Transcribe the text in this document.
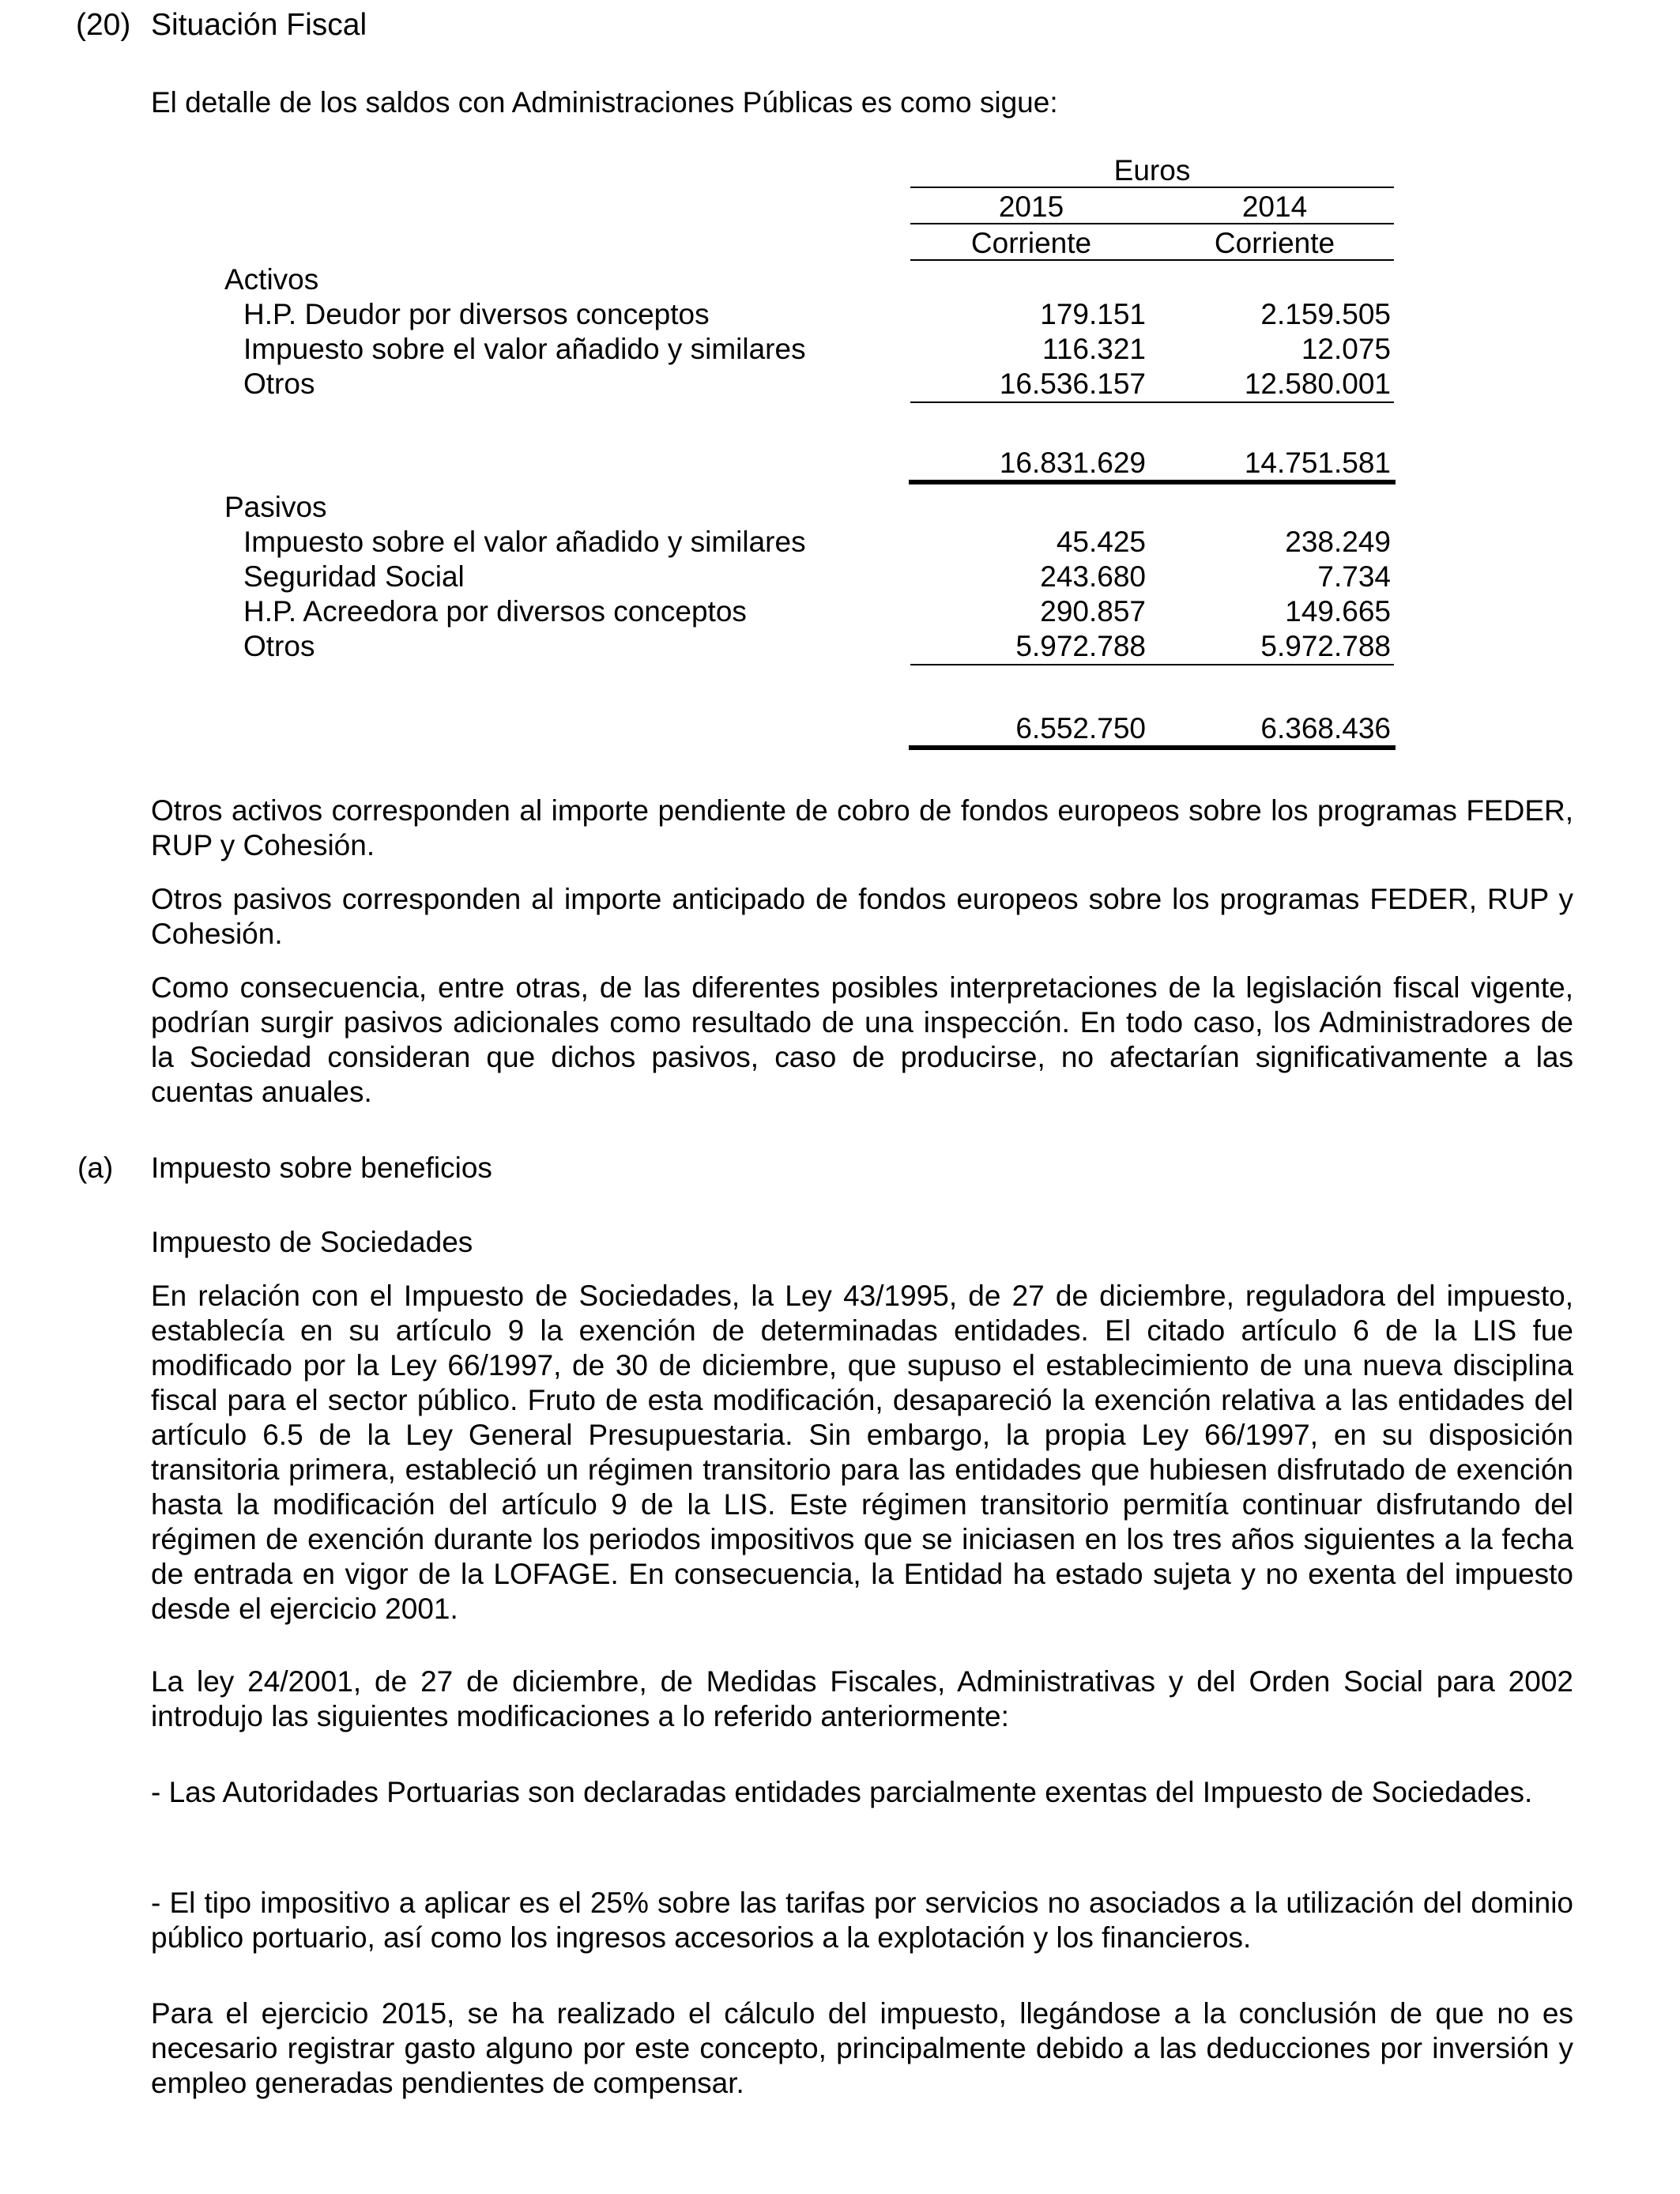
(20) Situación Fiscal
El detalle de los saldos con Administraciones Públicas es como sigue:
Euros
2015	2014
Corriente	Corriente
Activos
H.P. Deudor por diversos conceptos	179.151	2.159.505
Impuesto sobre el valor añadido y similares	116.321	12.075
Otros	16.536.157	12.580.001
16.831.629	14.751.581
Pasivos
Impuesto sobre el valor añadido y similares	45.425	238.249
Seguridad Social	243.680	7.734
H.P. Acreedora por diversos conceptos	290.857	149.665
Otros	5.972.788	5.972.788
6.552.750	6.368.436
Otros activos corresponden al importe pendiente de cobro de fondos europeos sobre los programas FEDER, RUP y Cohesión.
Otros pasivos corresponden al importe anticipado de fondos europeos sobre los programas FEDER, RUP y Cohesión.
Como consecuencia, entre otras, de las diferentes posibles interpretaciones de la legislación fiscal vigente, podrían surgir pasivos adicionales como resultado de una inspección. En todo caso, los Administradores de la Sociedad consideran que dichos pasivos, caso de producirse, no afectarían significativamente a las cuentas anuales.
(a) Impuesto sobre beneficios
Impuesto de Sociedades
En relación con el Impuesto de Sociedades, la Ley 43/1995, de 27 de diciembre, reguladora del impuesto, establecía en su artículo 9 la exención de determinadas entidades. El citado artículo 6 de la LIS fue modificado por la Ley 66/1997, de 30 de diciembre, que supuso el establecimiento de una nueva disciplina fiscal para el sector público. Fruto de esta modificación, desapareció la exención relativa a las entidades del artículo 6.5 de la Ley General Presupuestaria. Sin embargo, la propia Ley 66/1997, en su disposición transitoria primera, estableció un régimen transitorio para las entidades que hubiesen disfrutado de exención hasta la modificación del artículo 9 de la LIS. Este régimen transitorio permitía continuar disfrutando del régimen de exención durante los periodos impositivos que se iniciasen en los tres años siguientes a la fecha de entrada en vigor de la LOFAGE. En consecuencia, la Entidad ha estado sujeta y no exenta del impuesto desde el ejercicio 2001.
La ley 24/2001, de 27 de diciembre, de Medidas Fiscales, Administrativas y del Orden Social para 2002 introdujo las siguientes modificaciones a lo referido anteriormente:
- Las Autoridades Portuarias son declaradas entidades parcialmente exentas del Impuesto de Sociedades.
- El tipo impositivo a aplicar es el 25% sobre las tarifas por servicios no asociados a la utilización del dominio público portuario, así como los ingresos accesorios a la explotación y los financieros.
Para el ejercicio 2015, se ha realizado el cálculo del impuesto, llegándose a la conclusión de que no es necesario registrar gasto alguno por este concepto, principalmente debido a las deducciones por inversión y empleo generadas pendientes de compensar.
